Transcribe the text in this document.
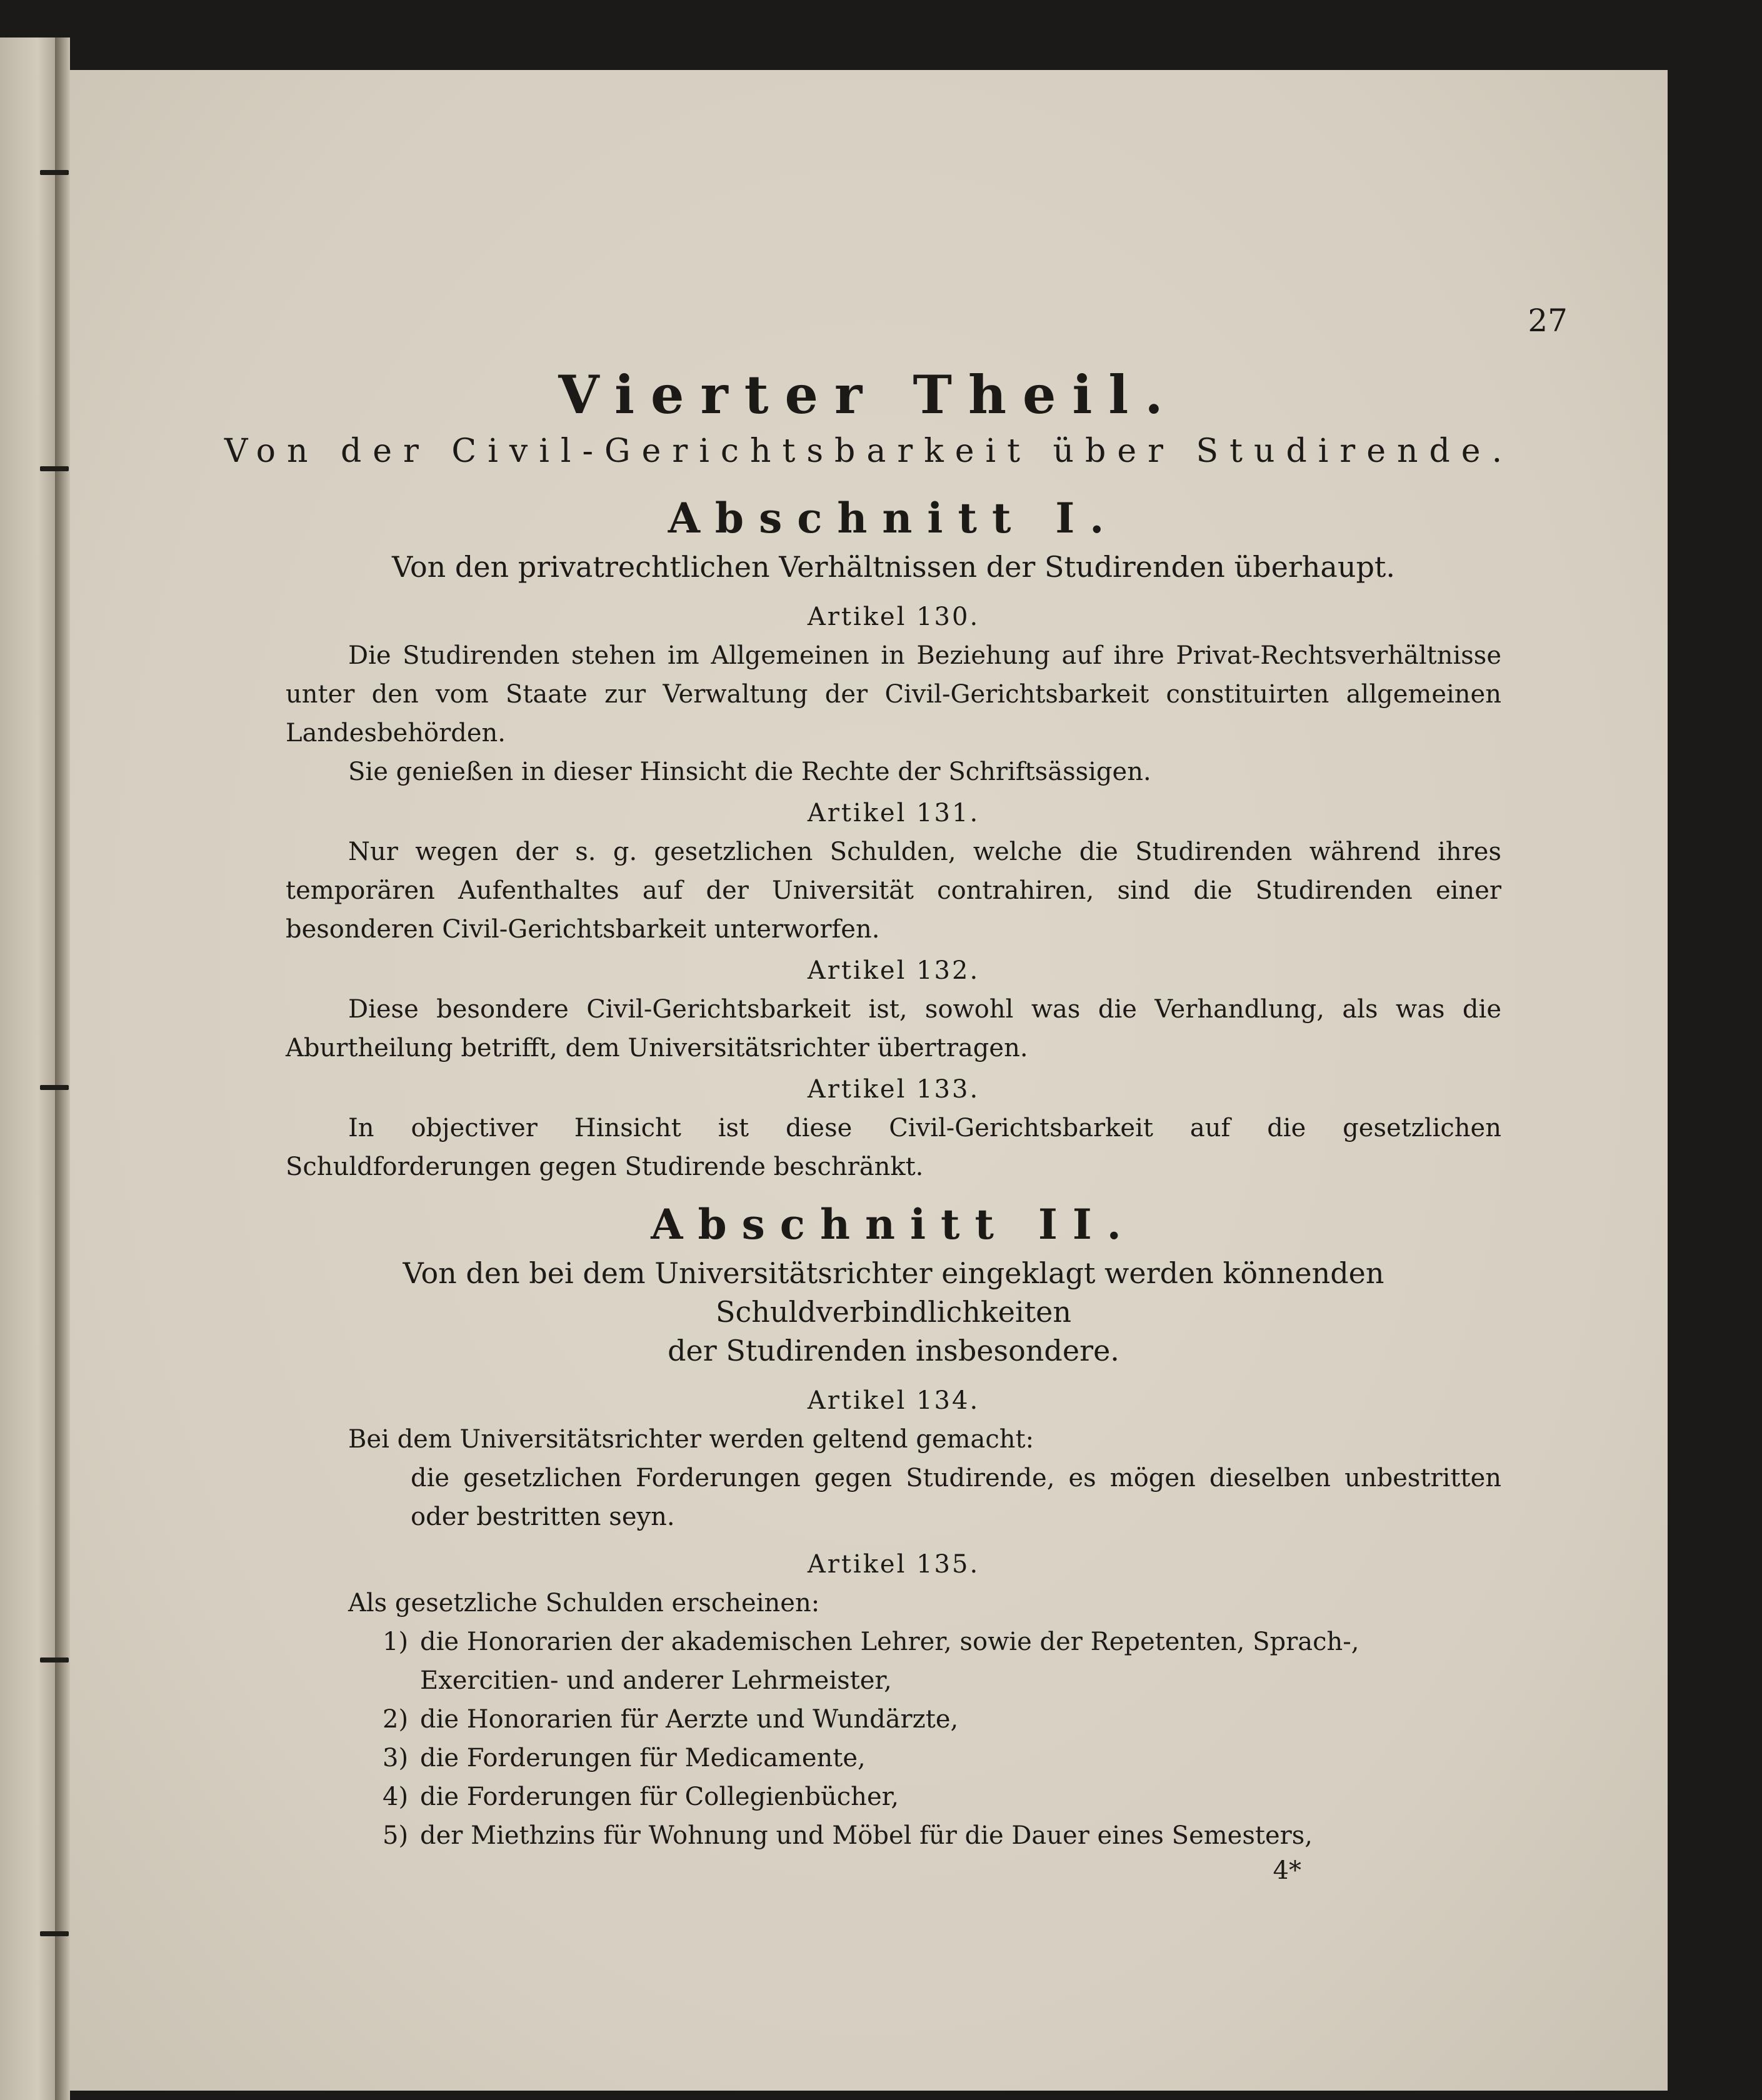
27
Vierter Theil.
Von der Civil-Gerichtsbarkeit über Studirende.
Abschnitt I.
Von den privatrechtlichen Verhältnissen der Studirenden überhaupt.
Artikel 130.

Die Studirenden stehen im Allgemeinen in Beziehung auf ihre Privat-Rechtsverhältnisse unter den vom Staate zur Verwaltung der Civil-Gerichtsbarkeit constituirten allgemeinen Landesbehörden.

Sie genießen in dieser Hinsicht die Rechte der Schriftsässigen.

Artikel 131.

Nur wegen der s. g. gesetzlichen Schulden, welche die Studirenden während ihres temporären Aufenthaltes auf der Universität contrahiren, sind die Studirenden einer besonderen Civil-Gerichtsbarkeit unterworfen.

Artikel 132.

Diese besondere Civil-Gerichtsbarkeit ist, sowohl was die Verhandlung, als was die Aburtheilung betrifft, dem Universitätsrichter übertragen.

Artikel 133.

In objectiver Hinsicht ist diese Civil-Gerichtsbarkeit auf die gesetzlichen Schuldforderungen gegen Studirende beschränkt.

Abschnitt II.
Von den bei dem Universitätsrichter eingeklagt werden könnenden Schuldverbindlichkeiten
der Studirenden insbesondere.
Artikel 134.

Bei dem Universitätsrichter werden geltend gemacht:

die gesetzlichen Forderungen gegen Studirende, es mögen dieselben unbestritten oder bestritten seyn.

Artikel 135.

Als gesetzliche Schulden erscheinen:

1) die Honorarien der akademischen Lehrer, sowie der Repetenten, Sprach-, Exercitien- und anderer Lehrmeister,
2) die Honorarien für Aerzte und Wundärzte,
3) die Forderungen für Medicamente,
4) die Forderungen für Collegienbücher,
5) der Miethzins für Wohnung und Möbel für die Dauer eines Semesters,
4*
